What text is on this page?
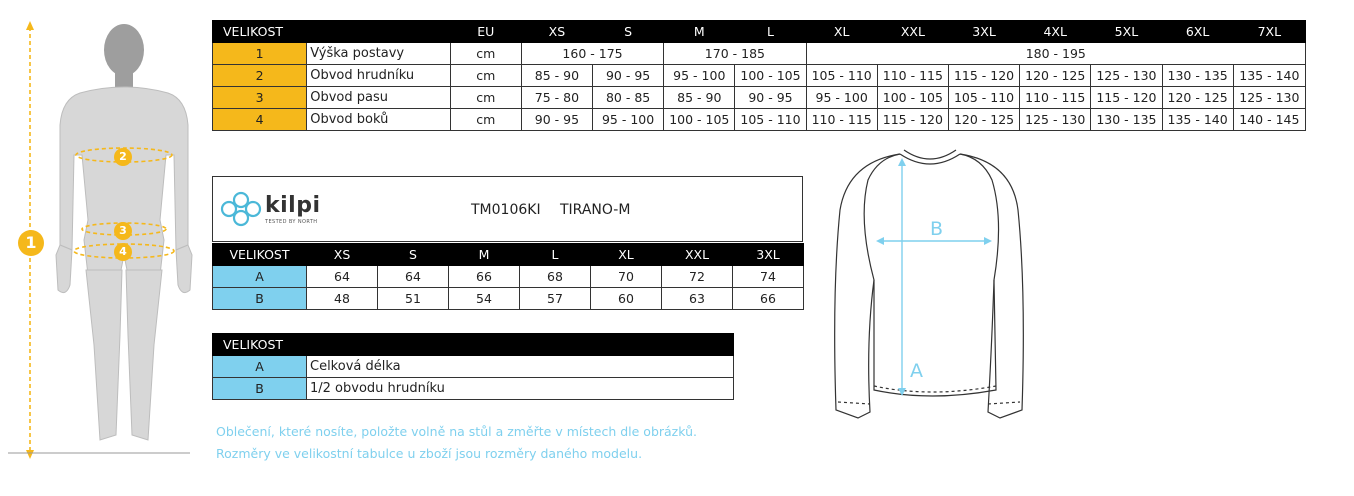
1
2
3
4
VELIKOST		EU	XS	S	M	L	XL	XXL	3XL	4XL	5XL	6XL	7XL
1	Výška postavy	cm	160 - 175		170 - 185		180 - 195						
2	Obvod hrudníku	cm	85 - 90	90 - 95	95 - 100	100 - 105	105 - 110	110 - 115	115 - 120	120 - 125	125 - 130	130 - 135	135 - 140
3	Obvod pasu	cm	75 - 80	80 - 85	85 - 90	90 - 95	95 - 100	100 - 105	105 - 110	110 - 115	115 - 120	120 - 125	125 - 130
4	Obvod boků	cm	90 - 95	95 - 100	100 - 105	105 - 110	110 - 115	115 - 120	120 - 125	125 - 130	130 - 135	135 - 140	140 - 145
kilpi
TESTED BY NORTH
TM0106KI TIRANO-M
VELIKOST	XS	S	M	L	XL	XXL	3XL
A	64	64	66	68	70	72	74
B	48	51	54	57	60	63	66
VELIKOST	
A	Celková délka
B	1/2 obvodu hrudníku
Oblečení, které nosíte, položte volně na stůl a změřte v místech dle obrázků.
Rozměry ve velikostní tabulce u zboží jsou rozměry daného modelu.
B
A
